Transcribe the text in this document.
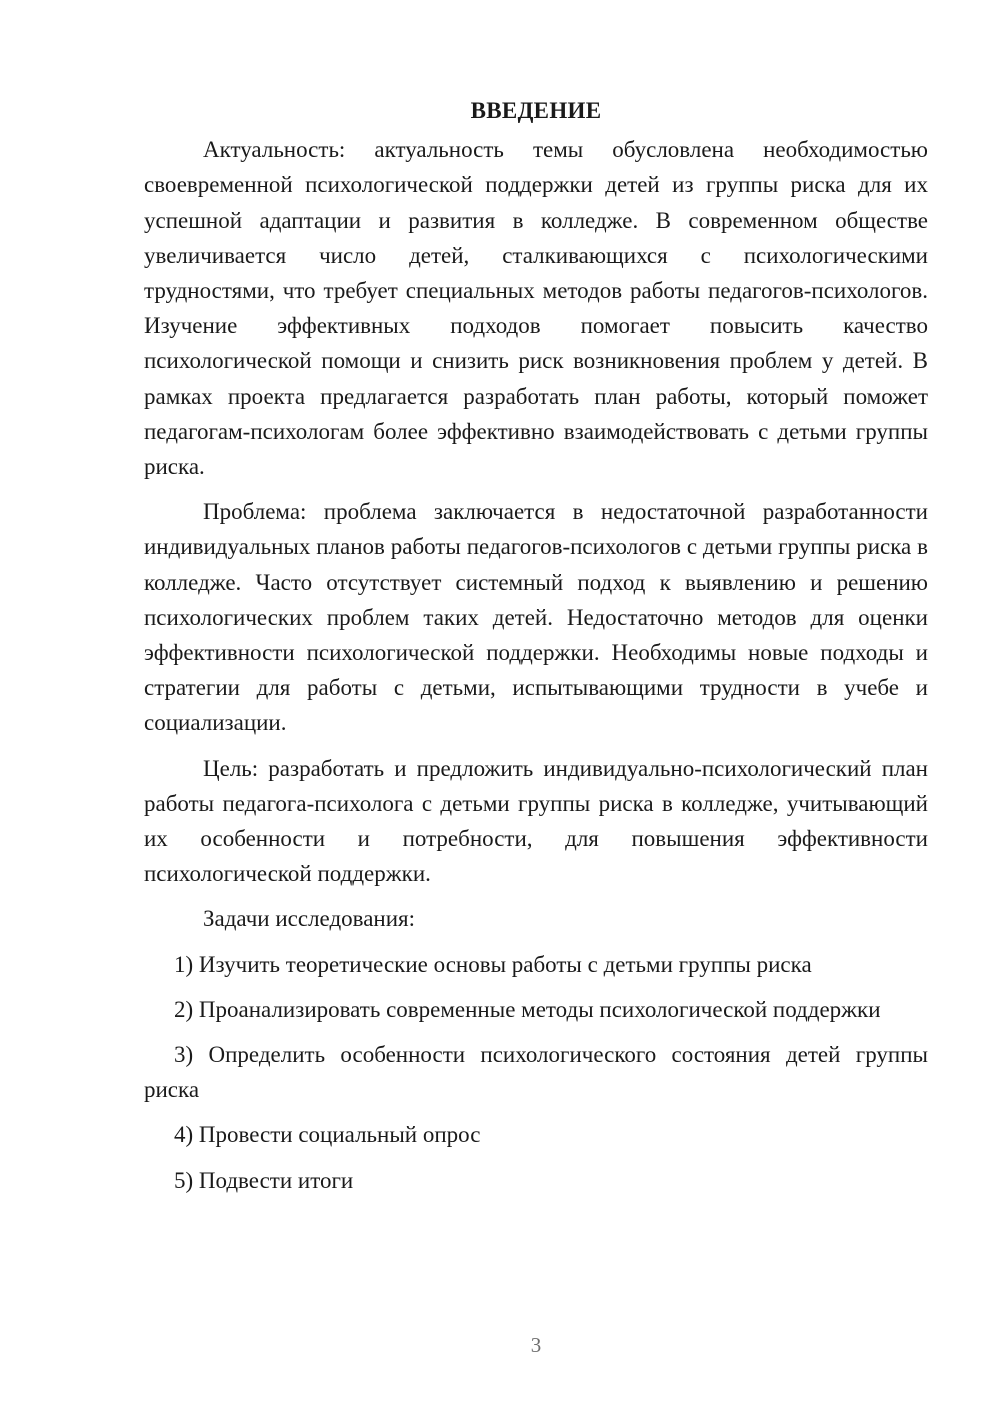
ВВЕДЕНИЕ

Актуальность: актуальность темы обусловлена необходимостью своевременной психологической поддержки детей из группы риска для их успешной адаптации и развития в колледже. В современном обществе увеличивается число детей, сталкивающихся с психологическими трудностями, что требует специальных методов работы педагогов-психологов. Изучение эффективных подходов помогает повысить качество психологической помощи и снизить риск возникновения проблем у детей. В рамках проекта предлагается разработать план работы, который поможет педагогам-психологам более эффективно взаимодействовать с детьми группы риска.

Проблема: проблема заключается в недостаточной разработанности индивидуальных планов работы педагогов-психологов с детьми группы риска в колледже. Часто отсутствует системный подход к выявлению и решению психологических проблем таких детей. Недостаточно методов для оценки эффективности психологической поддержки. Необходимы новые подходы и стратегии для работы с детьми, испытывающими трудности в учебе и социализации.

Цель: разработать и предложить индивидуально-психологический план работы педагога-психолога с детьми группы риска в колледже, учитывающий их особенности и потребности, для повышения эффективности психологической поддержки.

Задачи исследования:

1) Изучить теоретические основы работы с детьми группы риска

2) Проанализировать современные методы психологической поддержки

3) Определить особенности психологического состояния детей группы риска

4) Провести социальный опрос

5) Подвести итоги

3
